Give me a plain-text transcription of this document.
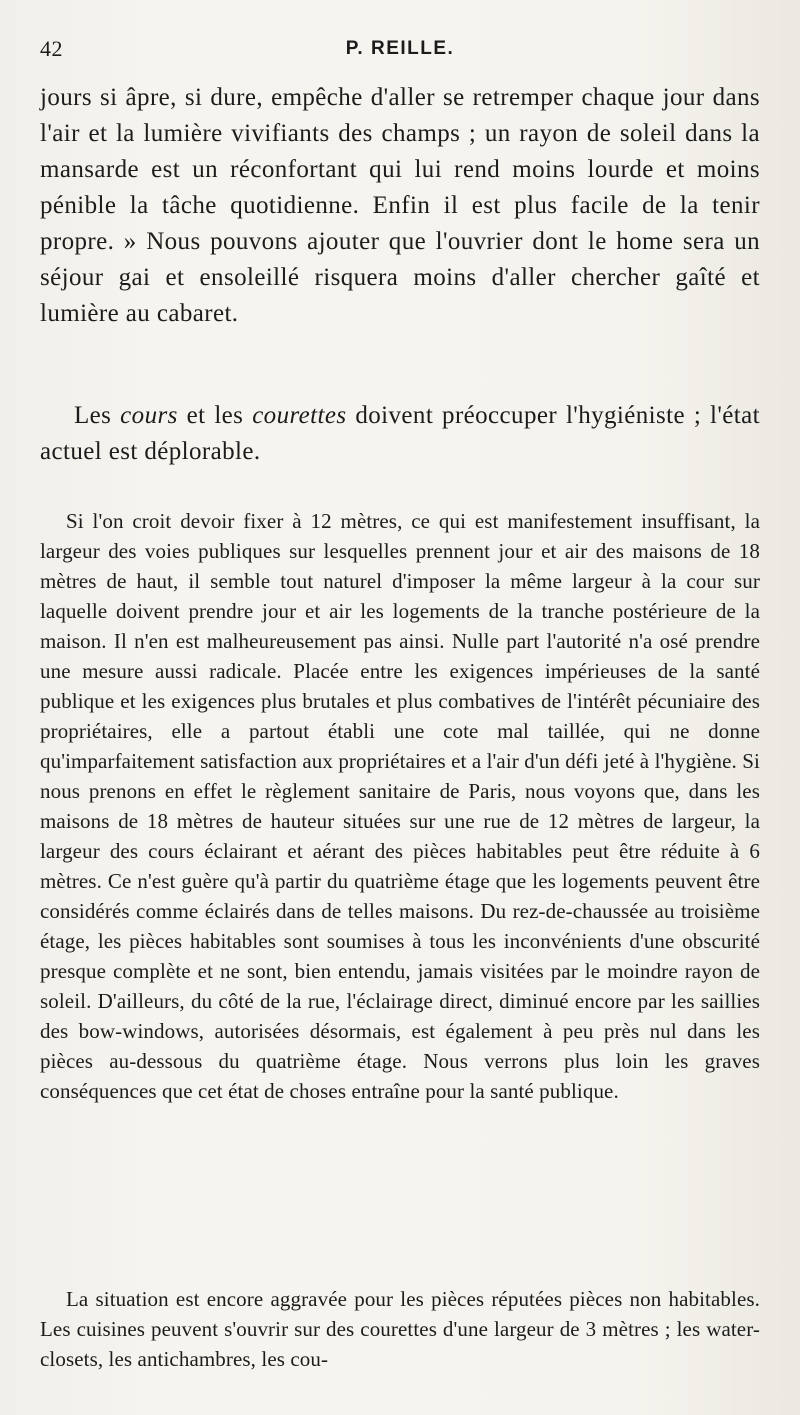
42	P. REILLE.
jours si âpre, si dure, empêche d'aller se retremper chaque jour dans l'air et la lumière vivifiants des champs ; un rayon de soleil dans la mansarde est un réconfortant qui lui rend moins lourde et moins pénible la tâche quotidienne. Enfin il est plus facile de la tenir propre. » Nous pouvons ajouter que l'ouvrier dont le home sera un séjour gai et ensoleillé risquera moins d'aller chercher gaîté et lumière au cabaret.
Les cours et les courettes doivent préoccuper l'hygiéniste ; l'état actuel est déplorable.
Si l'on croit devoir fixer à 12 mètres, ce qui est manifestement insuffisant, la largeur des voies publiques sur lesquelles prennent jour et air des maisons de 18 mètres de haut, il semble tout naturel d'imposer la même largeur à la cour sur laquelle doivent prendre jour et air les logements de la tranche postérieure de la maison. Il n'en est malheureusement pas ainsi. Nulle part l'autorité n'a osé prendre une mesure aussi radicale. Placée entre les exigences impérieuses de la santé publique et les exigences plus brutales et plus combatives de l'intérêt pécuniaire des propriétaires, elle a partout établi une cote mal taillée, qui ne donne qu'imparfaitement satisfaction aux propriétaires et a l'air d'un défi jeté à l'hygiène. Si nous prenons en effet le règlement sanitaire de Paris, nous voyons que, dans les maisons de 18 mètres de hauteur situées sur une rue de 12 mètres de largeur, la largeur des cours éclairant et aérant des pièces habitables peut être réduite à 6 mètres. Ce n'est guère qu'à partir du quatrième étage que les logements peuvent être considérés comme éclairés dans de telles maisons. Du rez-de-chaussée au troisième étage, les pièces habitables sont soumises à tous les inconvénients d'une obscurité presque complète et ne sont, bien entendu, jamais visitées par le moindre rayon de soleil. D'ailleurs, du côté de la rue, l'éclairage direct, diminué encore par les saillies des bow-windows, autorisées désormais, est également à peu près nul dans les pièces au-dessous du quatrième étage. Nous verrons plus loin les graves conséquences que cet état de choses entraîne pour la santé publique.
La situation est encore aggravée pour les pièces réputées pièces non habitables. Les cuisines peuvent s'ouvrir sur des courettes d'une largeur de 3 mètres ; les water-closets, les antichambres, les cou-
